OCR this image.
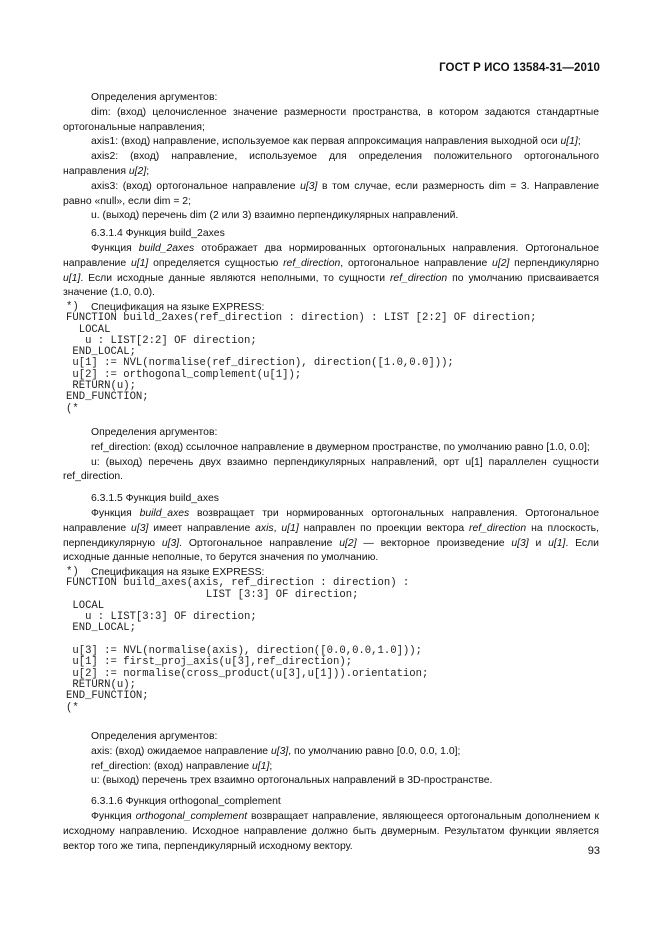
ГОСТ Р ИСО 13584-31—2010

Определения аргументов:

dim: (вход) целочисленное значение размерности пространства, в котором задаются стандартные ортогональные направления;

axis1: (вход) направление, используемое как первая аппроксимация направления выходной оси u[1];

axis2: (вход) направление, используемое для определения положительного ортогонального направления u[2];

axis3: (вход) ортогональное направление u[3] в том случае, если размерность dim = 3. Направление равно «null», если dim = 2;

u. (выход) перечень dim (2 или 3) взаимно перпендикулярных направлений.

6.3.1.4 Функция build_2axes

Функция build_2axes отображает два нормированных ортогональных направления. Ортогональное направление u[1] определяется сущностью ref_direction, ортогональное направление u[2] перпендикулярно u[1]. Если исходные данные являются неполными, то сущности ref_direction по умолчанию присваивается значение (1.0, 0.0).

Спецификация на языке EXPRESS:

*)
FUNCTION build_2axes(ref_direction : direction) : LIST [2:2] OF direction;
LOCAL
u : LIST[2:2] OF direction;
END_LOCAL;
u[1] := NVL(normalise(ref_direction), direction([1.0,0.0]));
u[2] := orthogonal_complement(u[1]);
RETURN(u);
END_FUNCTION;
(*

Определения аргументов:

ref_direction: (вход) ссылочное направление в двумерном пространстве, по умолчанию равно [1.0, 0.0];

u: (выход) перечень двух взаимно перпендикулярных направлений, орт u[1] параллелен сущности ref_direction.

6.3.1.5 Функция build_axes

Функция build_axes возвращает три нормированных ортогональных направления. Ортогональное направление u[3] имеет направление axis, u[1] направлен по проекции вектора ref_direction на плоскость, перпендикулярную u[3]. Ортогональное направление u[2] — векторное произведение u[3] и u[1]. Если исходные данные неполные, то берутся значения по умолчанию.

Спецификация на языке EXPRESS:

*)
FUNCTION build_axes(axis, ref_direction : direction) :
LIST [3:3] OF direction;
LOCAL
u : LIST[3:3] OF direction;
END_LOCAL;

u[3] := NVL(normalise(axis), direction([0.0,0.0,1.0]));
u[1] := first_proj_axis(u[3],ref_direction);
u[2] := normalise(cross_product(u[3],u[1])).orientation;
RETURN(u);
END_FUNCTION;
(*

Определения аргументов:

axis: (вход) ожидаемое направление u[3], по умолчанию равно [0.0, 0.0, 1.0];

ref_direction: (вход) направление u[1];

u: (выход) перечень трех взаимно ортогональных направлений в 3D-пространстве.

6.3.1.6 Функция orthogonal_complement

Функция orthogonal_complement возвращает направление, являющееся ортогональным дополнением к исходному направлению. Исходное направление должно быть двумерным. Результатом функции является вектор того же типа, перпендикулярный исходному вектору.	93
